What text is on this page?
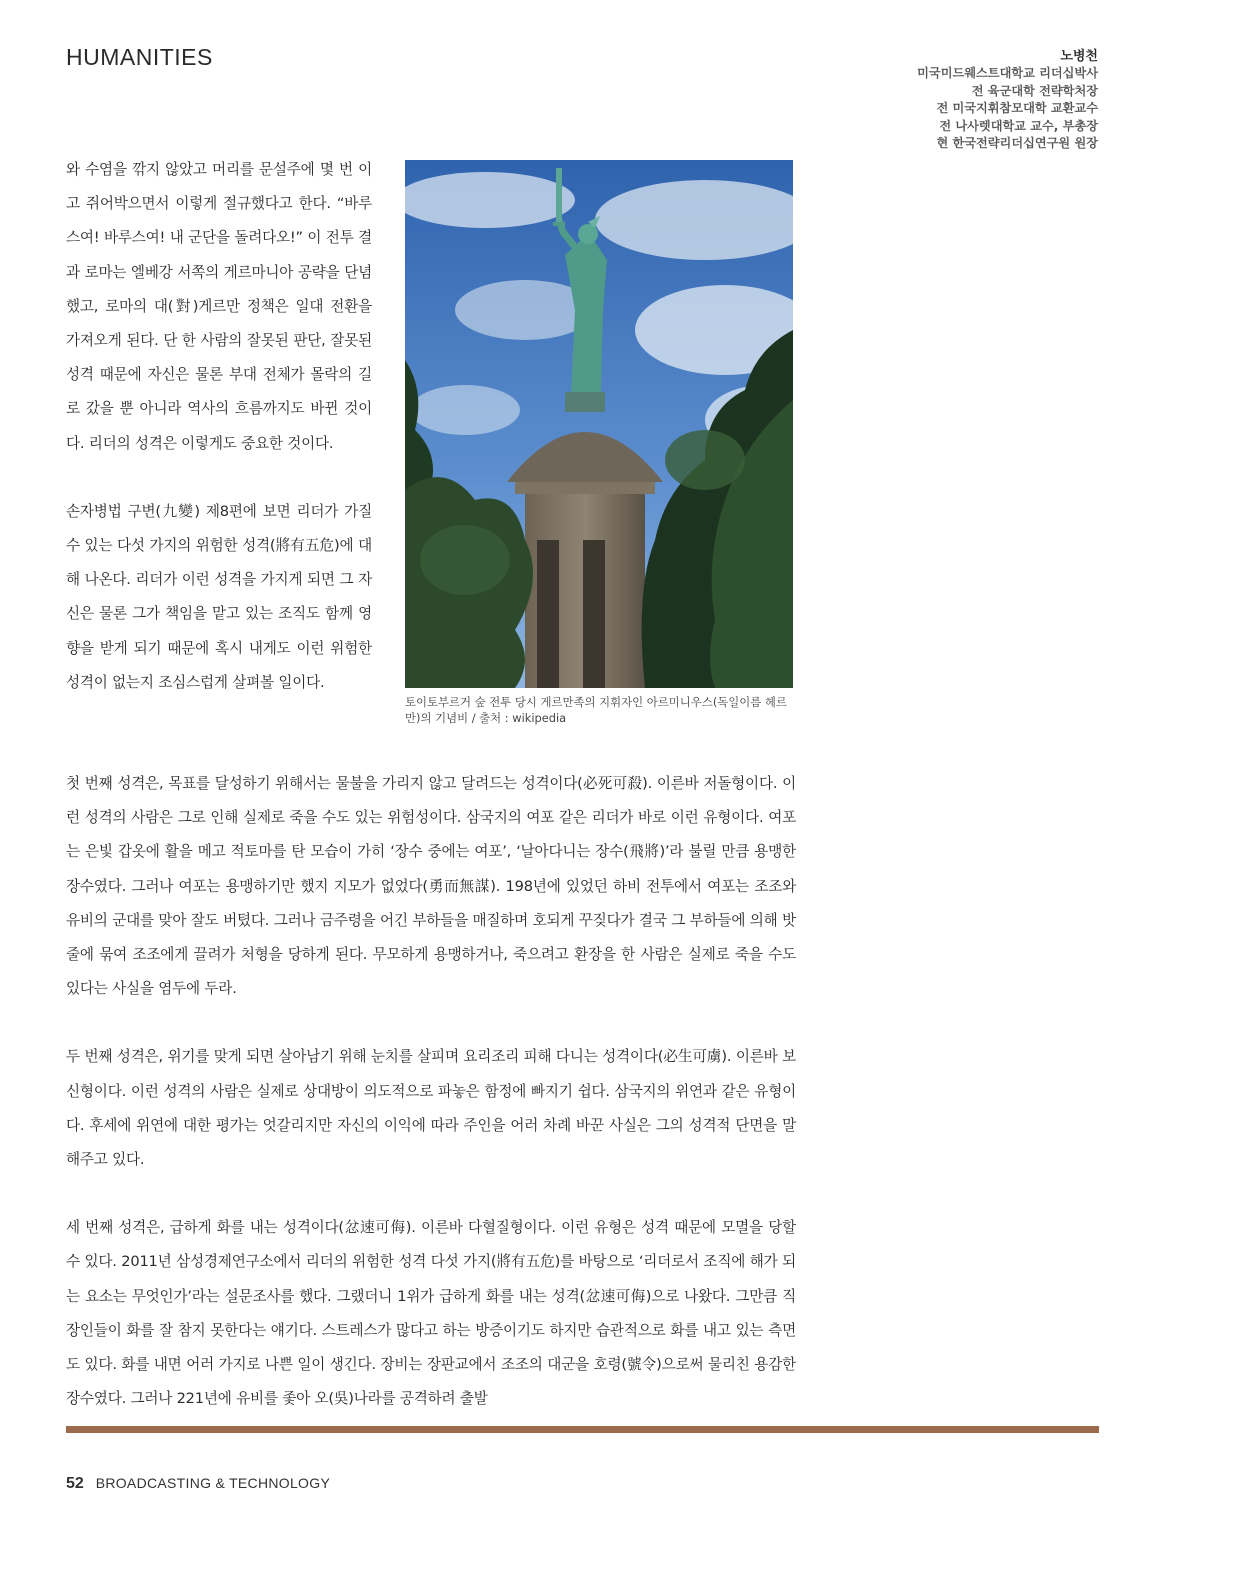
HUMANITIES	노병천
미국미드웨스트대학교 리더십박사
전 육군대학 전략학처장
전 미국지휘참모대학 교환교수
전 나사렛대학교 교수, 부총장
현 한국전략리더십연구원 원장

와 수염을 깎지 않았고 머리를 문설주에 몇 번 이고 쥐어박으면서 이렇게 절규했다고 한다. “바루스여! 바루스여! 내 군단을 돌려다오!” 이 전투 결과 로마는 엘베강 서쪽의 게르마니아 공략을 단념했고, 로마의 대(對)게르만 정책은 일대 전환을 가져오게 된다. 단 한 사람의 잘못된 판단, 잘못된 성격 때문에 자신은 물론 부대 전체가 몰락의 길로 갔을 뿐 아니라 역사의 흐름까지도 바뀐 것이다. 리더의 성격은 이렇게도 중요한 것이다.

손자병법 구변(九變) 제8편에 보면 리더가 가질 수 있는 다섯 가지의 위험한 성격(將有五危)에 대해 나온다. 리더가 이런 성격을 가지게 되면 그 자신은 물론 그가 책임을 맡고 있는 조직도 함께 영향을 받게 되기 때문에 혹시 내게도 이런 위험한 성격이 없는지 조심스럽게 살펴볼 일이다.

토이토부르거 숲 전투 당시 게르만족의 지휘자인 아르미니우스(독일이름 헤르만)의 기념비 / 출처 : wikipedia

첫 번째 성격은, 목표를 달성하기 위해서는 물불을 가리지 않고 달려드는 성격이다(必死可殺). 이른바 저돌형이다. 이런 성격의 사람은 그로 인해 실제로 죽을 수도 있는 위험성이다. 삼국지의 여포 같은 리더가 바로 이런 유형이다. 여포는 은빛 갑옷에 활을 메고 적토마를 탄 모습이 가히 ‘장수 중에는 여포’, ‘날아다니는 장수(飛將)’라 불릴 만큼 용맹한 장수였다. 그러나 여포는 용맹하기만 했지 지모가 없었다(勇而無謀). 198년에 있었던 하비 전투에서 여포는 조조와 유비의 군대를 맞아 잘도 버텼다. 그러나 금주령을 어긴 부하들을 매질하며 호되게 꾸짖다가 결국 그 부하들에 의해 밧줄에 묶여 조조에게 끌려가 처형을 당하게 된다. 무모하게 용맹하거나, 죽으려고 환장을 한 사람은 실제로 죽을 수도 있다는 사실을 염두에 두라.

두 번째 성격은, 위기를 맞게 되면 살아남기 위해 눈치를 살피며 요리조리 피해 다니는 성격이다(必生可虜). 이른바 보신형이다. 이런 성격의 사람은 실제로 상대방이 의도적으로 파놓은 함정에 빠지기 쉽다. 삼국지의 위연과 같은 유형이다. 후세에 위연에 대한 평가는 엇갈리지만 자신의 이익에 따라 주인을 어러 차례 바꾼 사실은 그의 성격적 단면을 말해주고 있다.

세 번째 성격은, 급하게 화를 내는 성격이다(忿速可侮). 이른바 다혈질형이다. 이런 유형은 성격 때문에 모멸을 당할 수 있다. 2011년 삼성경제연구소에서 리더의 위험한 성격 다섯 가지(將有五危)를 바탕으로 ‘리더로서 조직에 해가 되는 요소는 무엇인가’라는 설문조사를 했다. 그랬더니 1위가 급하게 화를 내는 성격(忿速可侮)으로 나왔다. 그만큼 직장인들이 화를 잘 참지 못한다는 얘기다. 스트레스가 많다고 하는 방증이기도 하지만 습관적으로 화를 내고 있는 측면도 있다. 화를 내면 어러 가지로 나쁜 일이 생긴다. 장비는 장판교에서 조조의 대군을 호령(號令)으로써 물리친 용감한 장수였다. 그러나 221년에 유비를 좇아 오(吳)나라를 공격하려 출발

52 BROADCASTING & TECHNOLOGY
